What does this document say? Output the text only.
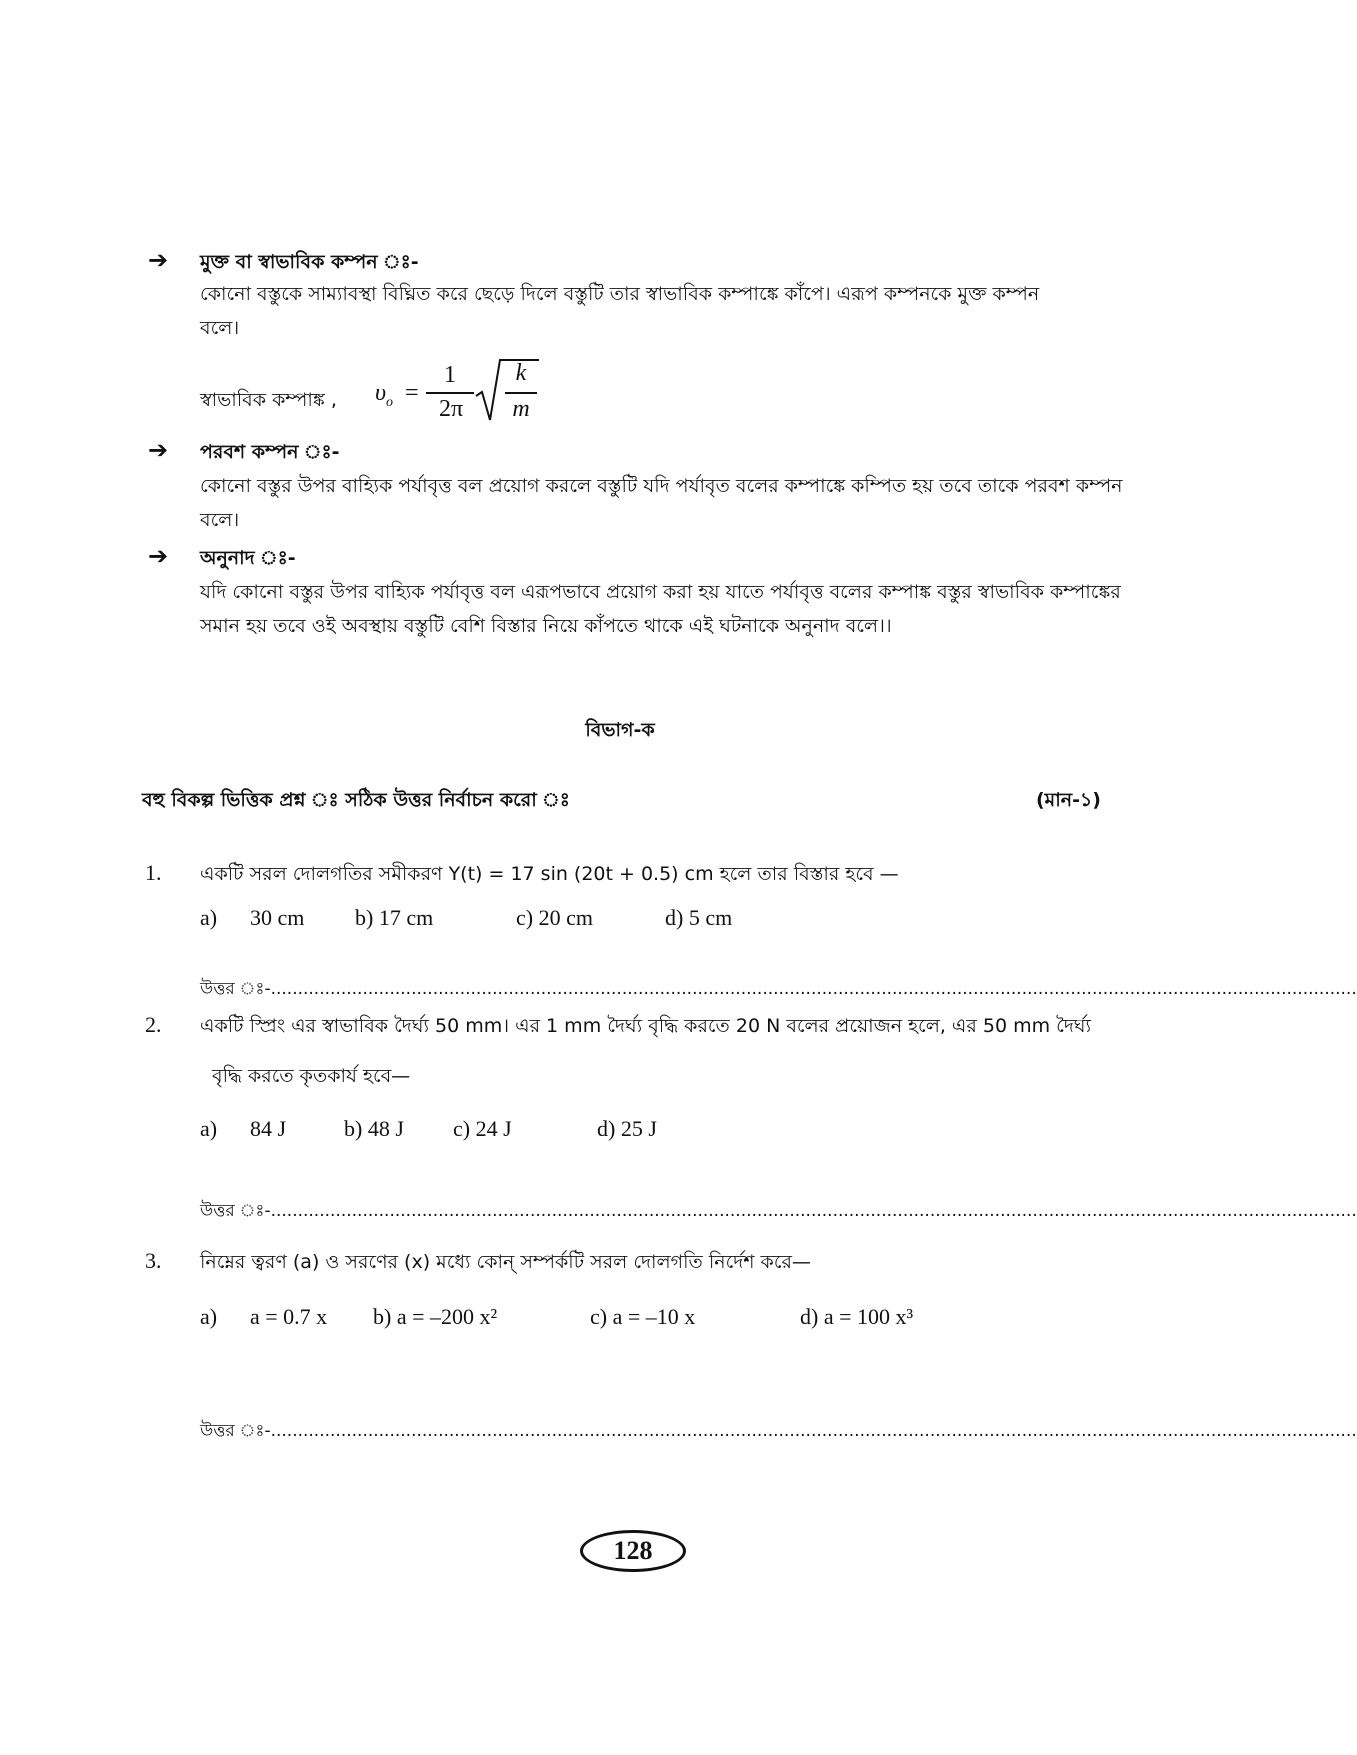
➔ মুক্ত বা স্বাভাবিক কম্পন ঃ-
কোনো বস্তুকে সাম্যাবস্থা বিঘ্নিত করে ছেড়ে দিলে বস্তুটি তার স্বাভাবিক কম্পাঙ্কে কাঁপে। এরূপ কম্পনকে মুক্ত কম্পন
বলে।
স্বাভাবিক কম্পাঙ্ক , $\upsilon_o$ =
1
2π
k
m
➔ পরবশ কম্পন ঃ-
কোনো বস্তুর উপর বাহ্যিক পর্যাবৃত্ত বল প্রয়োগ করলে বস্তুটি যদি পর্যাবৃত বলের কম্পাঙ্কে কম্পিত হয় তবে তাকে পরবশ কম্পন
বলে।
➔ অনুনাদ ঃ-
যদি কোনো বস্তুর উপর বাহ্যিক পর্যাবৃত্ত বল এরূপভাবে প্রয়োগ করা হয় যাতে পর্যাবৃত্ত বলের কম্পাঙ্ক বস্তুর স্বাভাবিক কম্পাঙ্কের
সমান হয় তবে ওই অবস্থায় বস্তুটি বেশি বিস্তার নিয়ে কাঁপতে থাকে এই ঘটনাকে অনুনাদ বলে।।
বিভাগ-ক
বহু বিকল্প ভিত্তিক প্রশ্ন ঃ সঠিক উত্তর নির্বাচন করো ঃ	(মান-১)
1. একটি সরল দোলগতির সমীকরণ Y(t) = 17 sin (20t + 0.5) cm হলে তার বিস্তার হবে —
a) 30 cm b) 17 cm	c) 20 cm	d) 5 cm
উত্তর ঃ-.........................................................................................................................................................................................................
2. একটি স্প্রিং এর স্বাভাবিক দৈর্ঘ্য 50 mm। এর 1 mm দৈর্ঘ্য বৃদ্ধি করতে 20 N বলের প্রয়োজন হলে, এর 50 mm দৈর্ঘ্য
বৃদ্ধি করতে কৃতকার্য হবে—
a) 84 J	b) 48 J c) 24 J	d) 25 J
উত্তর ঃ-.........................................................................................................................................................................................................
3. নিম্নের ত্বরণ (a) ও সরণের (x) মধ্যে কোন্ সম্পর্কটি সরল দোলগতি নির্দেশ করে—
a) a = 0.7 x b) a = –200 x²	c) a = –10 x	d) a = 100 x³
উত্তর ঃ-.........................................................................................................................................................................................................
128
